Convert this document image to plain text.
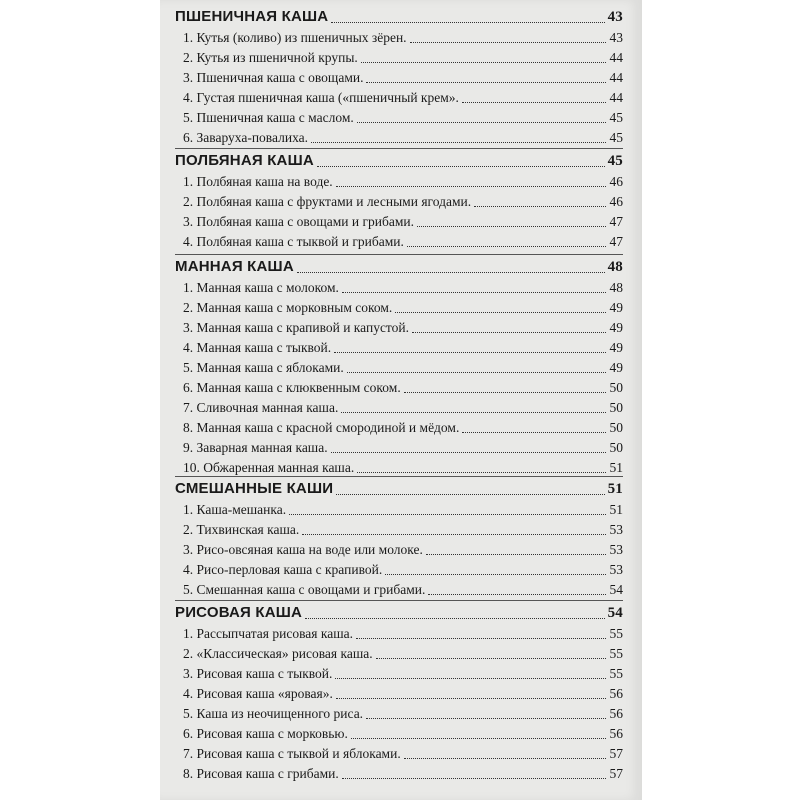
ПШЕНИЧНАЯ КАША	43
1. Кутья (коливо) из пшеничных зёрен.	43
2. Кутья из пшеничной крупы.	44
3. Пшеничная каша с овощами.	44
4. Густая пшеничная каша («пшеничный крем».	44
5. Пшеничная каша с маслом.	45
6. Заваруха-повалиха.	45
ПОЛБЯНАЯ КАША	45
1. Полбяная каша на воде.	46
2. Полбяная каша с фруктами и лесными ягодами.	46
3. Полбяная каша с овощами и грибами.	47
4. Полбяная каша с тыквой и грибами.	47
МАННАЯ КАША	48
1. Манная каша с молоком.	48
2. Манная каша с морковным соком.	49
3. Манная каша с крапивой и капустой.	49
4. Манная каша с тыквой.	49
5. Манная каша с яблоками.	49
6. Манная каша с клюквенным соком.	50
7. Сливочная манная каша.	50
8. Манная каша с красной смородиной и мёдом.	50
9. Заварная манная каша.	50
10. Обжаренная манная каша.	51
СМЕШАННЫЕ КАШИ	51
1. Каша-мешанка.	51
2. Тихвинская каша.	53
3. Рисо-овсяная каша на воде или молоке.	53
4. Рисо-перловая каша с крапивой.	53
5. Смешанная каша с овощами и грибами.	54
РИСОВАЯ КАША	54
1. Рассыпчатая рисовая каша.	55
2. «Классическая» рисовая каша.	55
3. Рисовая каша с тыквой.	55
4. Рисовая каша «яровая».	56
5. Каша из неочищенного риса.	56
6. Рисовая каша с морковью.	56
7. Рисовая каша с тыквой и яблоками.	57
8. Рисовая каша с грибами.	57
